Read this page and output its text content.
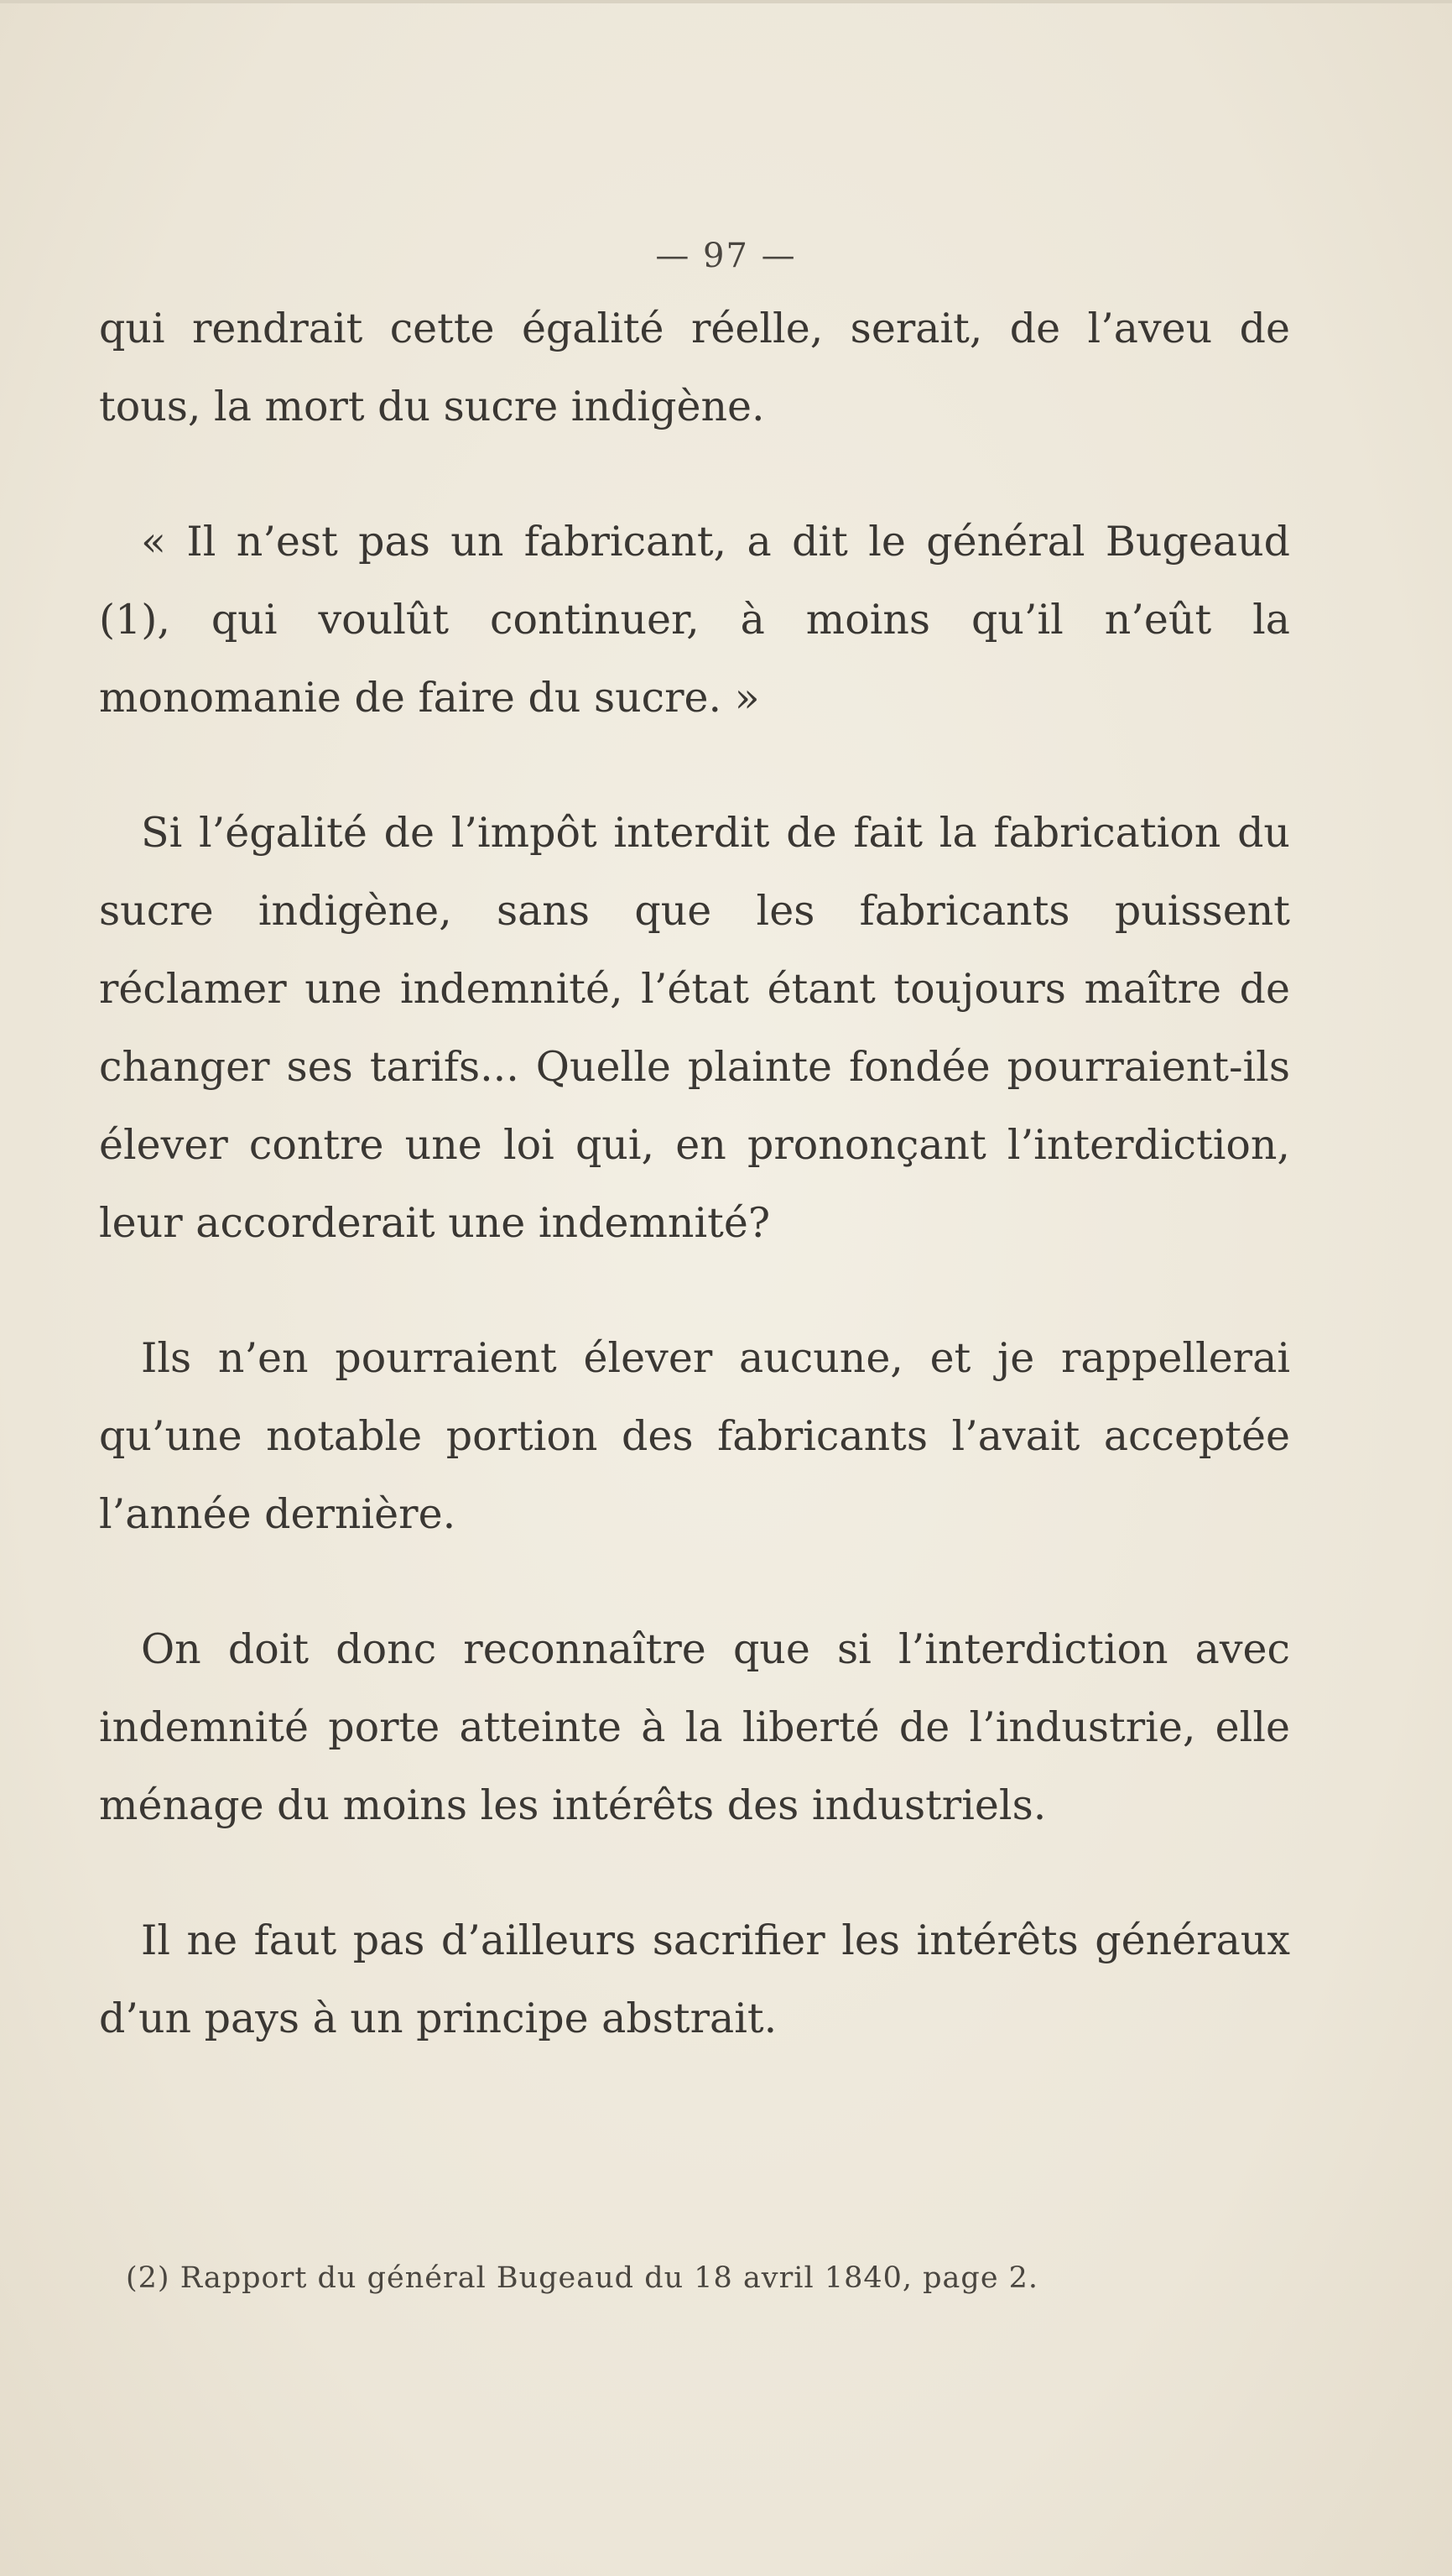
— 97 —

qui rendrait cette égalité réelle, serait, de l’aveu de tous, la mort du sucre indigène.

« Il n’est pas un fabricant, a dit le général Bugeaud (1), qui voulût continuer, à moins qu’il n’eût la monomanie de faire du sucre. »

Si l’égalité de l’impôt interdit de fait la fabrication du sucre indigène, sans que les fabricants puissent réclamer une indemnité, l’état étant toujours maître de changer ses tarifs... Quelle plainte fondée pourraient-ils élever contre une loi qui, en prononçant l’interdiction, leur accorderait une indemnité?

Ils n’en pourraient élever aucune, et je rappellerai qu’une notable portion des fabricants l’avait acceptée l’année dernière.

On doit donc reconnaître que si l’interdiction avec indemnité porte atteinte à la liberté de l’industrie, elle ménage du moins les intérêts des industriels.

Il ne faut pas d’ailleurs sacrifier les intérêts généraux d’un pays à un principe abstrait.

(2) Rapport du général Bugeaud du 18 avril 1840, page 2.
